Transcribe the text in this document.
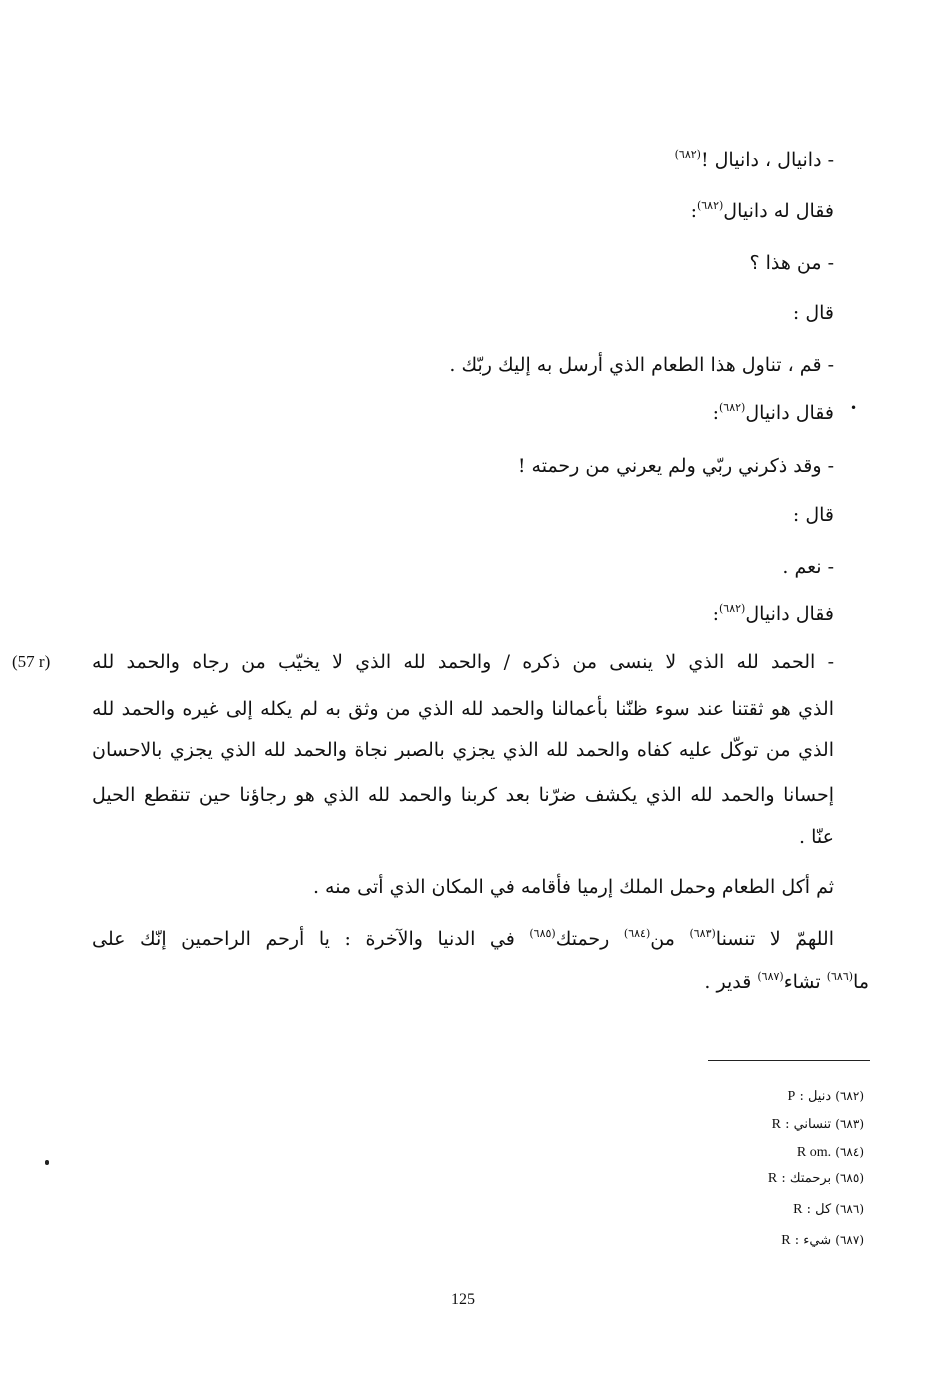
- دانيال ، دانيال !$^{(٦٨٢)}$
فقال له دانيال$^{(٦٨٢)}$:
- من هذا ؟
قال :
- قم ، تناول هذا الطعام الذي أرسل به إليك ربّك .
•
فقال دانيال$^{(٦٨٢)}$:
- وقد ذكرني ربّي ولم يعرني من رحمته !
قال :
- نعم .
فقال دانيال$^{(٦٨٢)}$:
(57 r) - الحمد لله الذي لا ينسى من ذكره / والحمد لله الذي لا يخيّب من رجاه والحمد لله
الذي هو ثقتنا عند سوء ظنّنا بأعمالنا والحمد لله الذي من وثق به لم يكله إلى غيره والحمد لله
الذي من توكّل عليه كفاه والحمد لله الذي يجزي بالصبر نجاة والحمد لله الذي يجزي بالاحسان
إحسانا والحمد لله الذي يكشف ضرّنا بعد كربنا والحمد لله الذي هو رجاؤنا حين تنقطع الحيل
عنّا .
ثم أكل الطعام وحمل الملك إرميا فأقامه في المكان الذي أتى منه .
اللهمّ لا تنسنا$^{(٦٨٣)}$ من$^{(٦٨٤)}$ رحمتك$^{(٦٨٥)}$ في الدنيا والآخرة : يا أرحم الراحمين إنّك على
ما$^{(٦٨٦)}$ تشاء$^{(٦٨٧)}$ قدير .
(٦٨٢) دنيل : P
(٦٨٣) تنساني : R
(٦٨٤) R om.
(٦٨٥) برحمتك : R
(٦٨٦) كل : R
(٦٨٧) شيء : R
125
